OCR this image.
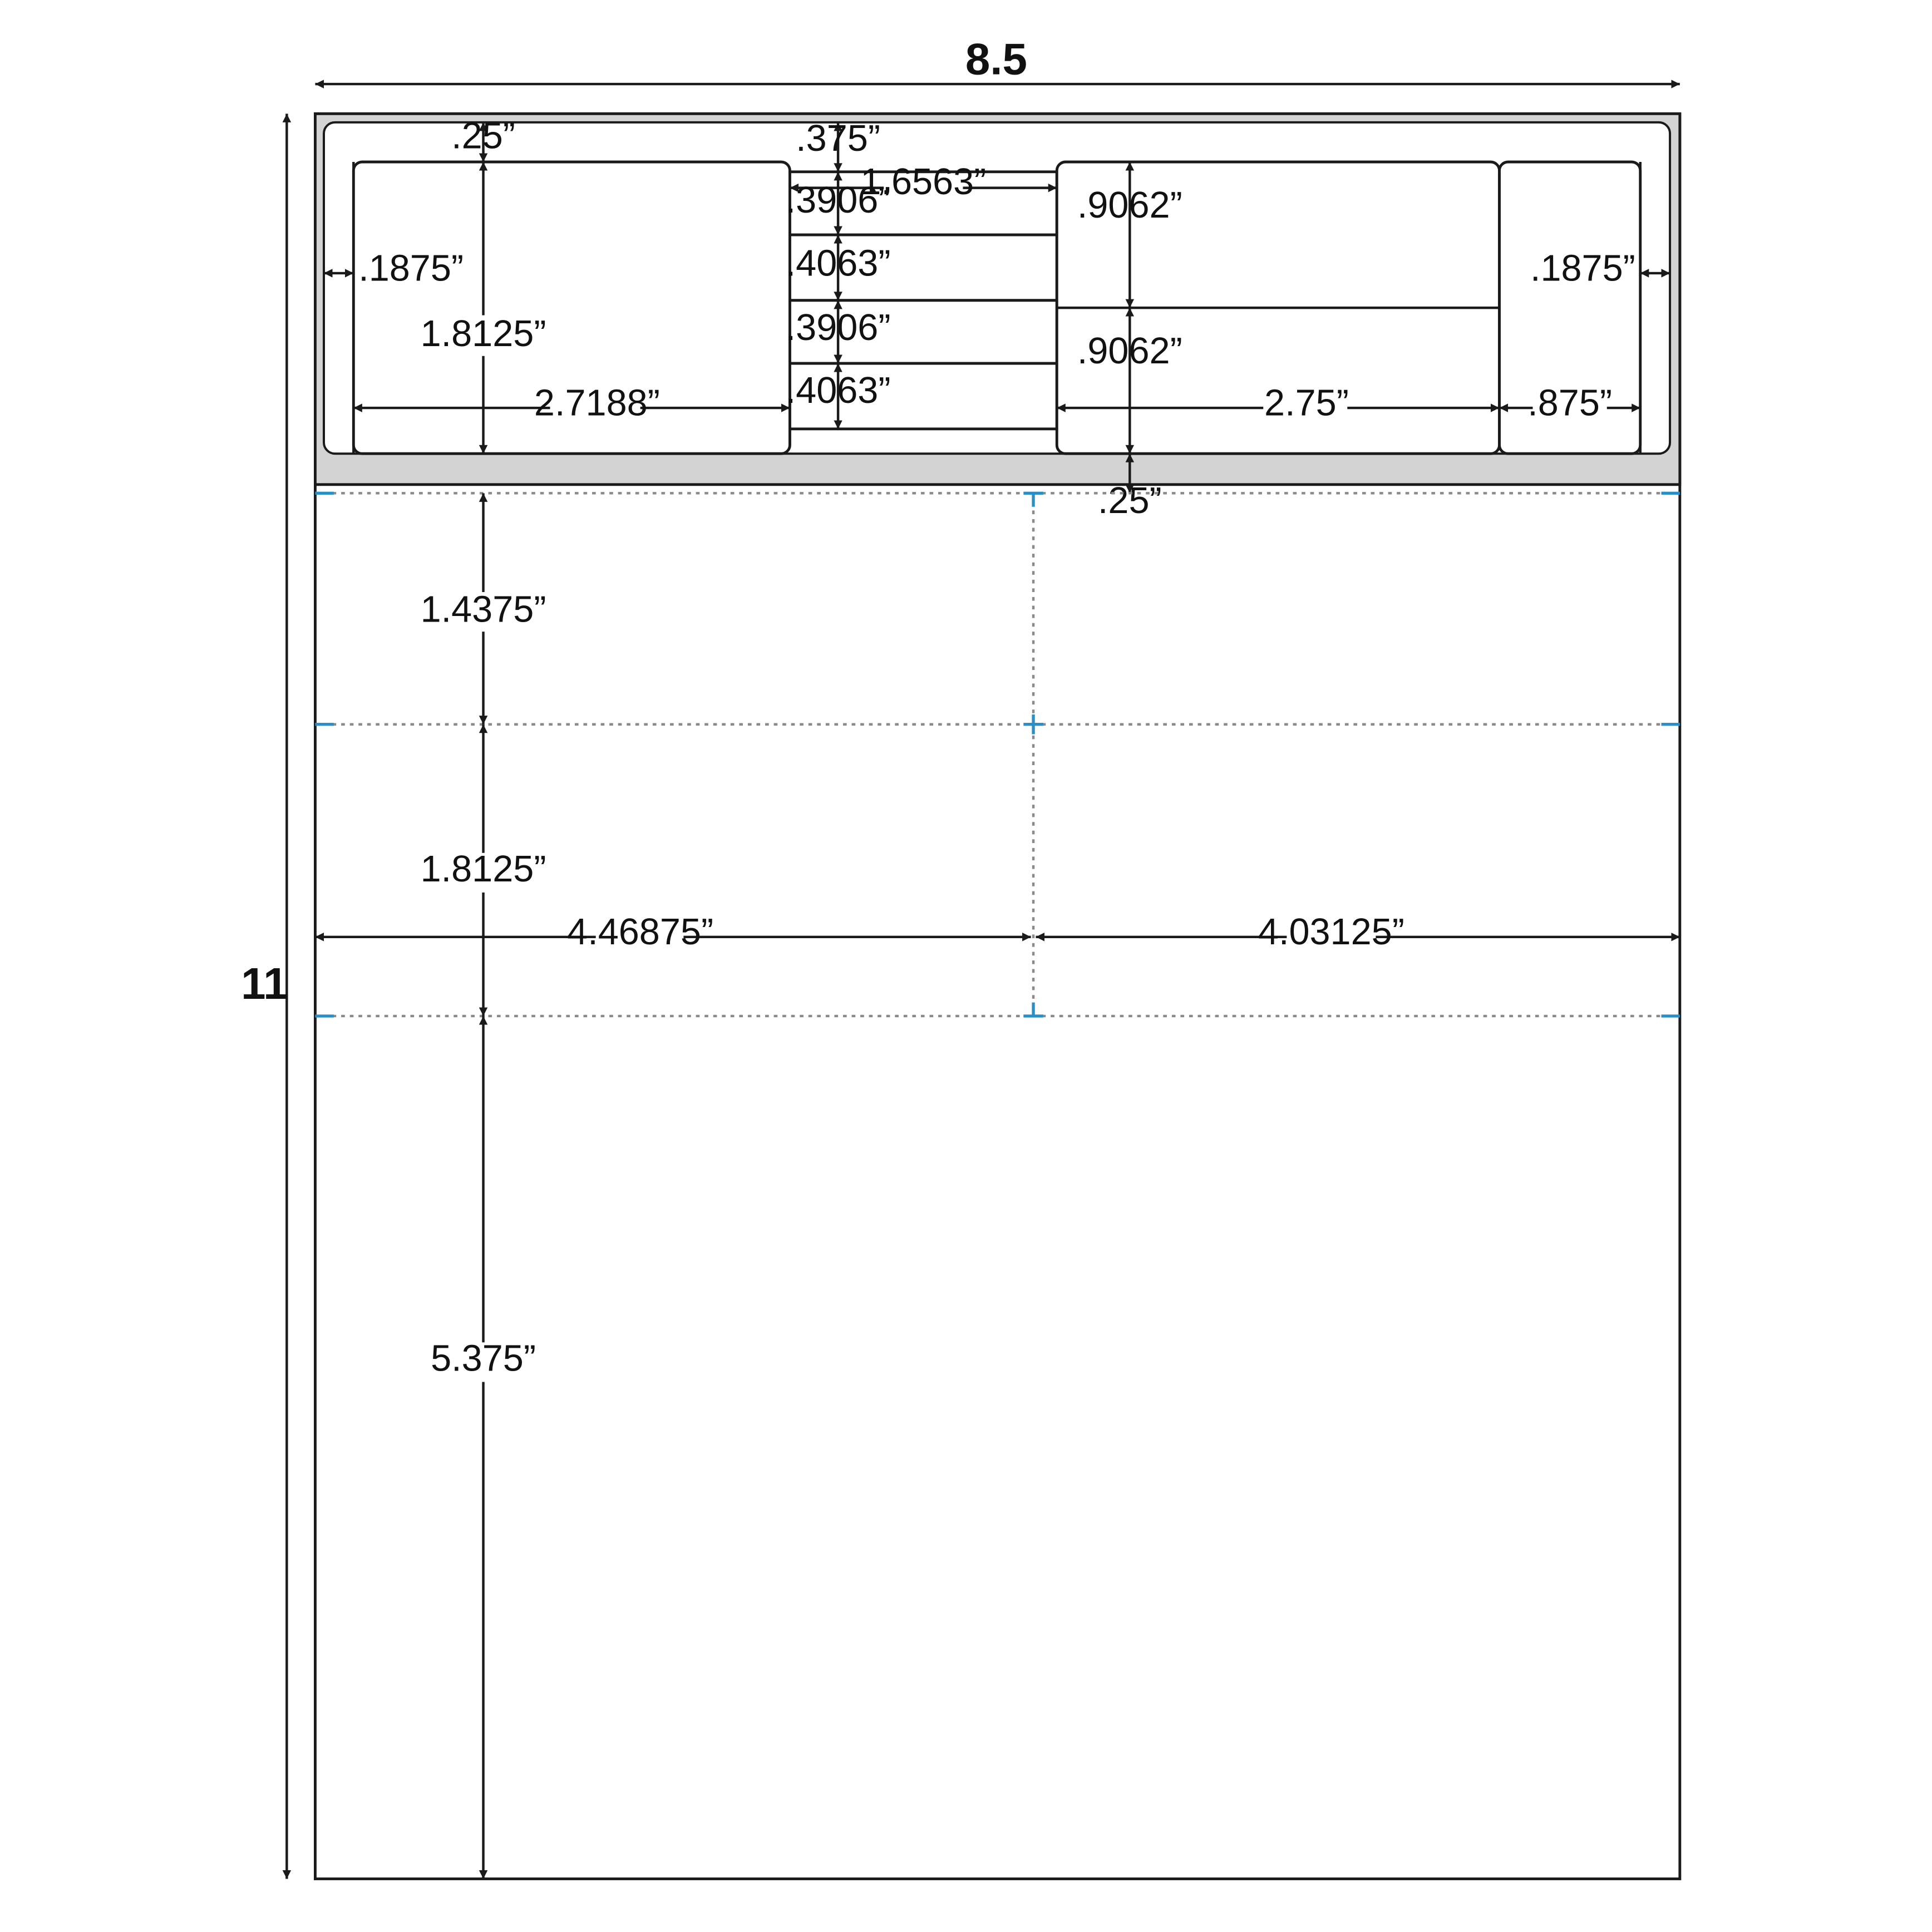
8.5
11
.25”	.375”
1.6563”
.3906”
.4063”
.3906”
.4063”
.1875”	.1875”
1.8125”
2.7188”
.9062”
.9062”
2.75”	.875”
.25”
1.4375”
1.8125”
4.46875”	4.03125”
5.375”
